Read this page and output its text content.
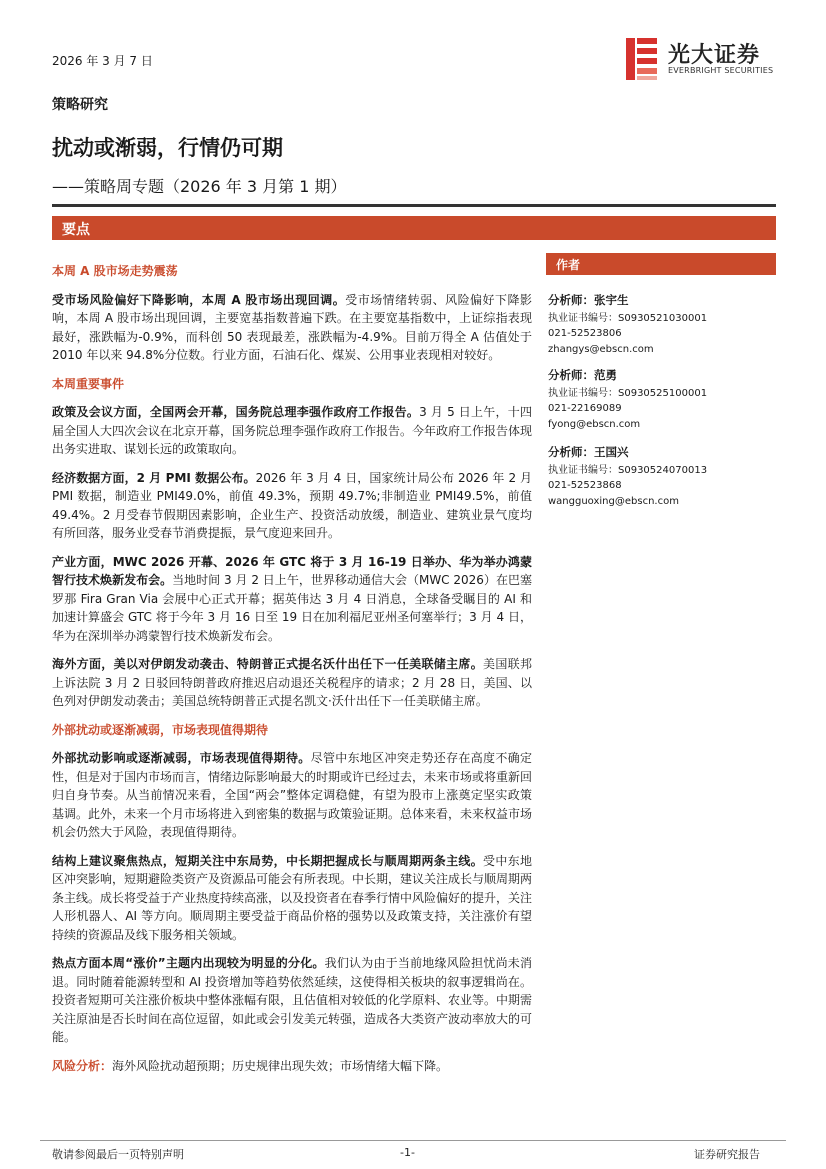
2026 年 3 月 7 日	光大证券
EVERBRIGHT SECURITIES
策略研究
扰动或渐弱，行情仍可期
——策略周专题（2026 年 3 月第 1 期）
要点
本周 A 股市场走势震荡

受市场风险偏好下降影响，本周 A 股市场出现回调。受市场情绪转弱、风险偏好下降影响，本周 A 股市场出现回调，主要宽基指数普遍下跌。在主要宽基指数中，上证综指表现最好，涨跌幅为-0.9%，而科创 50 表现最差，涨跌幅为-4.9%。目前万得全 A 估值处于 2010 年以来 94.8%分位数。行业方面，石油石化、煤炭、公用事业表现相对较好。

本周重要事件

政策及会议方面，全国两会开幕，国务院总理李强作政府工作报告。3 月 5 日上午，十四届全国人大四次会议在北京开幕，国务院总理李强作政府工作报告。今年政府工作报告体现出务实进取、谋划长远的政策取向。

经济数据方面，2 月 PMI 数据公布。2026 年 3 月 4 日，国家统计局公布 2026 年 2 月 PMI 数据，制造业 PMI49.0%，前值 49.3%，预期 49.7%;非制造业 PMI49.5%，前值 49.4%。2 月受春节假期因素影响，企业生产、投资活动放缓，制造业、建筑业景气度均有所回落，服务业受春节消费提振，景气度迎来回升。

产业方面，MWC 2026 开幕、2026 年 GTC 将于 3 月 16-19 日举办、华为举办鸿蒙智行技术焕新发布会。当地时间 3 月 2 日上午，世界移动通信大会（MWC 2026）在巴塞罗那 Fira Gran Via 会展中心正式开幕；据英伟达 3 月 4 日消息，全球备受瞩目的 AI 和加速计算盛会 GTC 将于今年 3 月 16 日至 19 日在加利福尼亚州圣何塞举行；3 月 4 日，华为在深圳举办鸿蒙智行技术焕新发布会。

海外方面，美以对伊朗发动袭击、特朗普正式提名沃什出任下一任美联储主席。美国联邦上诉法院 3 月 2 日驳回特朗普政府推迟启动退还关税程序的请求；2 月 28 日，美国、以色列对伊朗发动袭击；美国总统特朗普正式提名凯文·沃什出任下一任美联储主席。

外部扰动或逐渐减弱，市场表现值得期待

外部扰动影响或逐渐减弱，市场表现值得期待。尽管中东地区冲突走势还存在高度不确定性，但是对于国内市场而言，情绪边际影响最大的时期或许已经过去，未来市场或将重新回归自身节奏。从当前情况来看，全国“两会”整体定调稳健，有望为股市上涨奠定坚实政策基调。此外，未来一个月市场将进入到密集的数据与政策验证期。总体来看，未来权益市场机会仍然大于风险，表现值得期待。

结构上建议聚焦热点，短期关注中东局势，中长期把握成长与顺周期两条主线。受中东地区冲突影响，短期避险类资产及资源品可能会有所表现。中长期，建议关注成长与顺周期两条主线。成长将受益于产业热度持续高涨，以及投资者在春季行情中风险偏好的提升，关注人形机器人、AI 等方向。顺周期主要受益于商品价格的强势以及政策支持，关注涨价有望持续的资源品及线下服务相关领域。

热点方面本周“涨价”主题内出现较为明显的分化。我们认为由于当前地缘风险担忧尚未消退。同时随着能源转型和 AI 投资增加等趋势依然延续，这使得相关板块的叙事逻辑尚在。投资者短期可关注涨价板块中整体涨幅有限，且估值相对较低的化学原料、农业等。中期需关注原油是否长时间在高位逗留，如此或会引发美元转强，造成各大类资产波动率放大的可能。

风险分析：海外风险扰动超预期；历史规律出现失效；市场情绪大幅下降。

作者
分析师：张宇生
执业证书编号：S0930521030001
021-52523806
zhangys@ebscn.com
分析师：范勇
执业证书编号：S0930525100001
021-22169089
fyong@ebscn.com
分析师：王国兴
执业证书编号：S0930524070013
021-52523868
wangguoxing@ebscn.com
敬请参阅最后一页特别声明	-1-	证券研究报告
